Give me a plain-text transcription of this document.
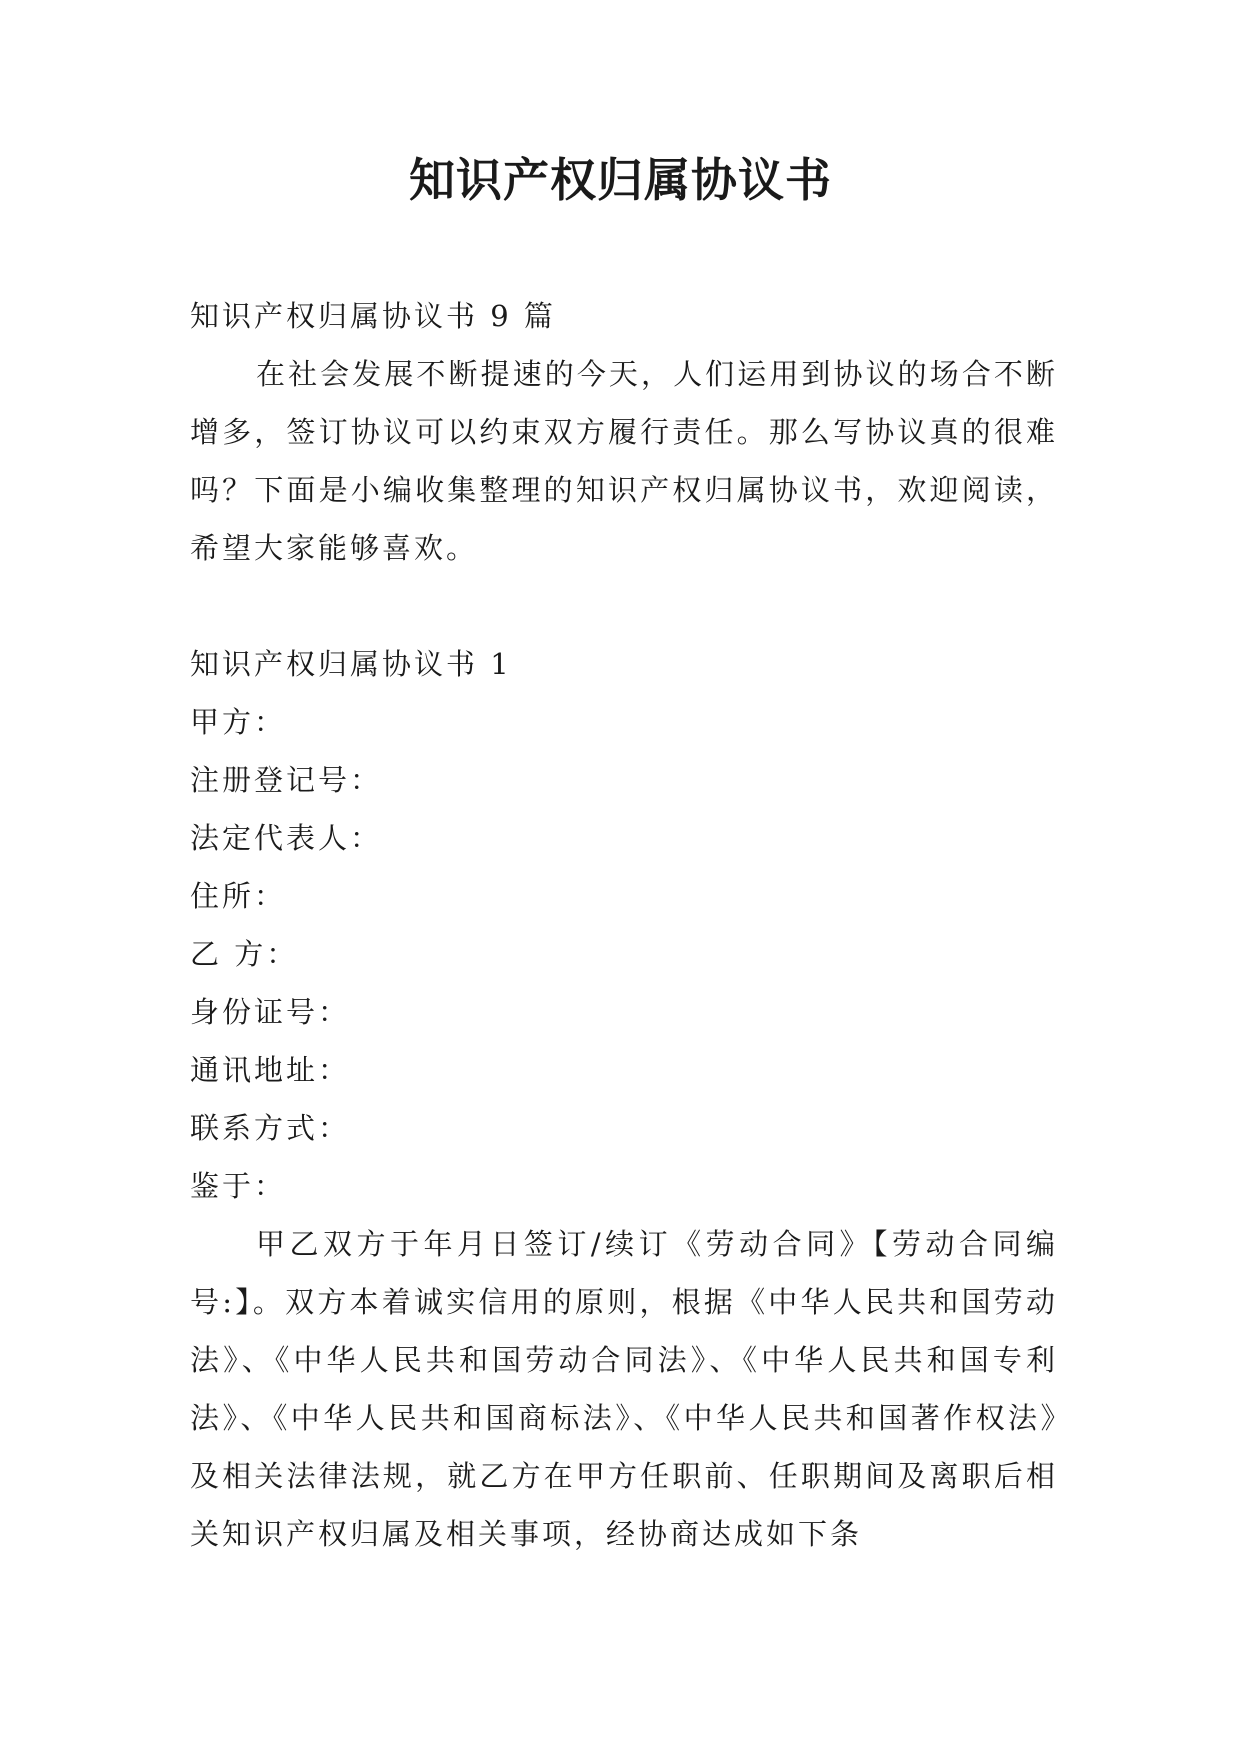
知识产权归属协议书

知识产权归属协议书 9 篇

在社会发展不断提速的今天，人们运用到协议的场合不断增多，签订协议可以约束双方履行责任。那么写协议真的很难吗？下面是小编收集整理的知识产权归属协议书，欢迎阅读，希望大家能够喜欢。

知识产权归属协议书 1

甲方：

注册登记号：

法定代表人：

住所：

乙 方：

身份证号：

通讯地址：

联系方式：

鉴于：

甲乙双方于年月日签订/续订《劳动合同》【劳动合同编号:】。双方本着诚实信用的原则，根据《中华人民共和国劳动法》、《中华人民共和国劳动合同法》、《中华人民共和国专利法》、《中华人民共和国商标法》、《中华人民共和国著作权法》及相关法律法规，就乙方在甲方任职前、任职期间及离职后相关知识产权归属及相关事项，经协商达成如下条
